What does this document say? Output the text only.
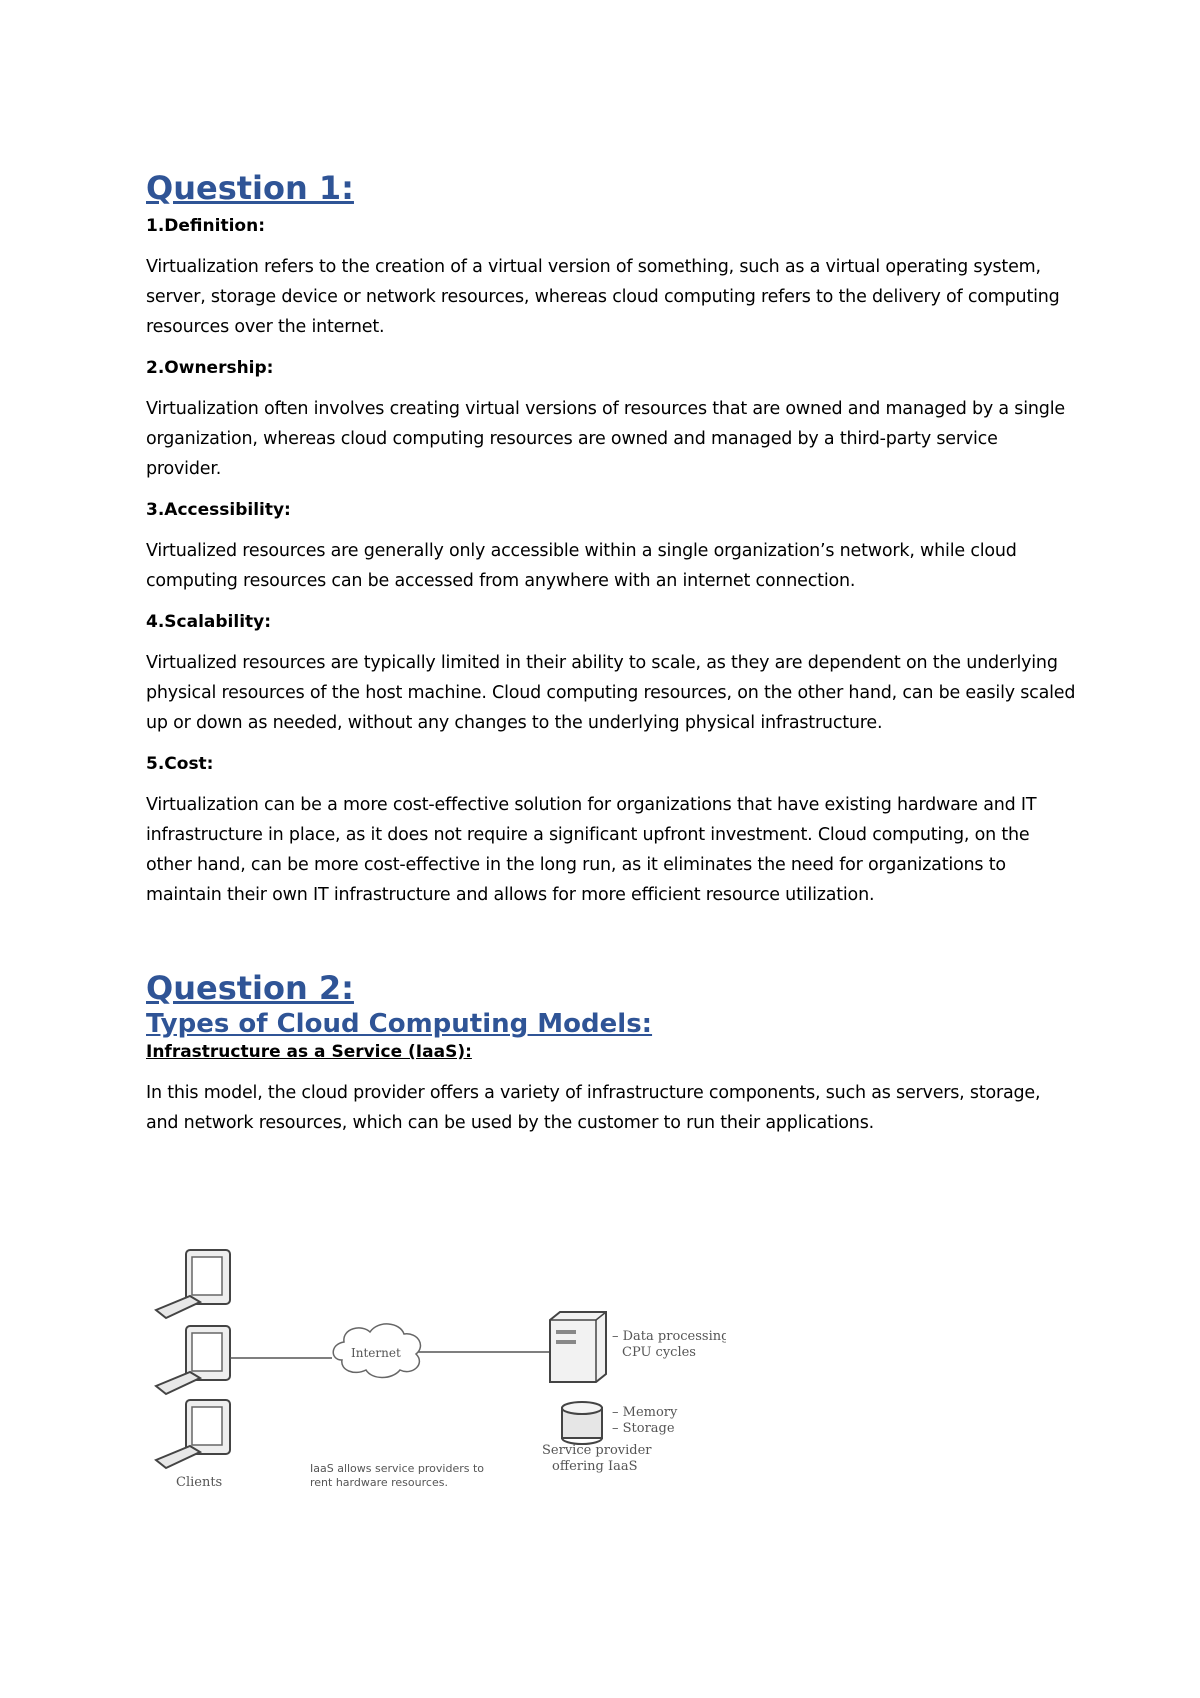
Question 1:
1.Definition:

Virtualization refers to the creation of a virtual version of something, such as a virtual operating system, server, storage device or network resources, whereas cloud computing refers to the delivery of computing resources over the internet.

2.Ownership:

Virtualization often involves creating virtual versions of resources that are owned and managed by a single organization, whereas cloud computing resources are owned and managed by a third-party service provider.

3.Accessibility:

Virtualized resources are generally only accessible within a single organization’s network, while cloud computing resources can be accessed from anywhere with an internet connection.

4.Scalability:

Virtualized resources are typically limited in their ability to scale, as they are dependent on the underlying physical resources of the host machine. Cloud computing resources, on the other hand, can be easily scaled up or down as needed, without any changes to the underlying physical infrastructure.

5.Cost:

Virtualization can be a more cost-effective solution for organizations that have existing hardware and IT infrastructure in place, as it does not require a significant upfront investment. Cloud computing, on the other hand, can be more cost-effective in the long run, as it eliminates the need for organizations to maintain their own IT infrastructure and allows for more efficient resource utilization.

Question 2:
Types of Cloud Computing Models:
Infrastructure as a Service (IaaS):

In this model, the cloud provider offers a variety of infrastructure components, such as servers, storage, and network resources, which can be used by the customer to run their applications.

Internet
– Data processing
CPU cycles
– Memory
– Storage
Service provider
offering IaaS
Clients
IaaS allows service providers to
rent hardware resources.
